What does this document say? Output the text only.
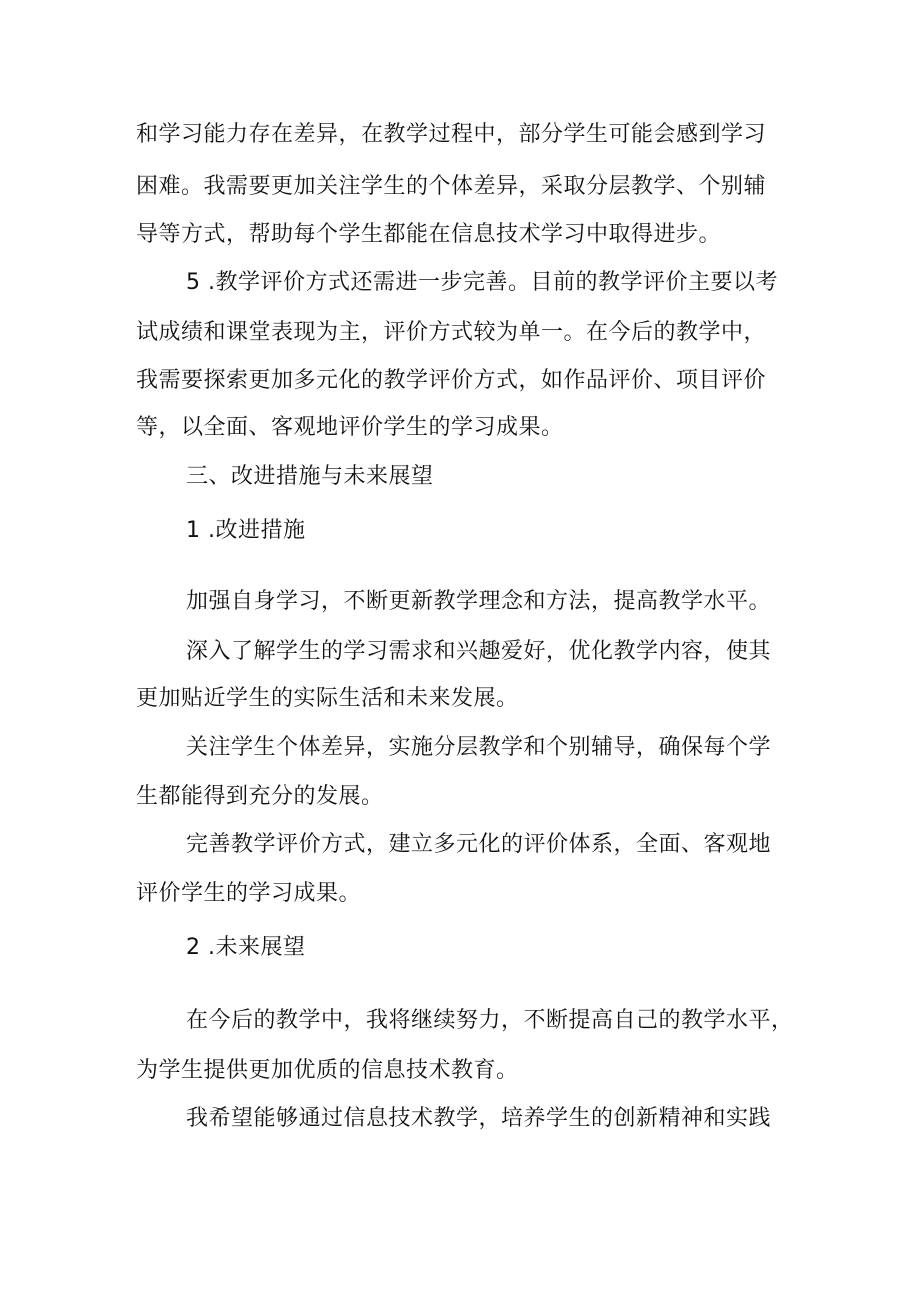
和学习能力存在差异，在教学过程中，部分学生可能会感到学习
困难。我需要更加关注学生的个体差异，采取分层教学、个别辅
导等方式，帮助每个学生都能在信息技术学习中取得进步。
5 .教学评价方式还需进一步完善。目前的教学评价主要以考
试成绩和课堂表现为主，评价方式较为单一。在今后的教学中，
我需要探索更加多元化的教学评价方式，如作品评价、项目评价
等，以全面、客观地评价学生的学习成果。
三、改进措施与未来展望
1 .改进措施
加强自身学习，不断更新教学理念和方法，提高教学水平。
深入了解学生的学习需求和兴趣爱好，优化教学内容，使其
更加贴近学生的实际生活和未来发展。
关注学生个体差异，实施分层教学和个别辅导，确保每个学
生都能得到充分的发展。
完善教学评价方式，建立多元化的评价体系，全面、客观地
评价学生的学习成果。
2 .未来展望
在今后的教学中，我将继续努力，不断提高自己的教学水平，
为学生提供更加优质的信息技术教育。
我希望能够通过信息技术教学，培养学生的创新精神和实践
